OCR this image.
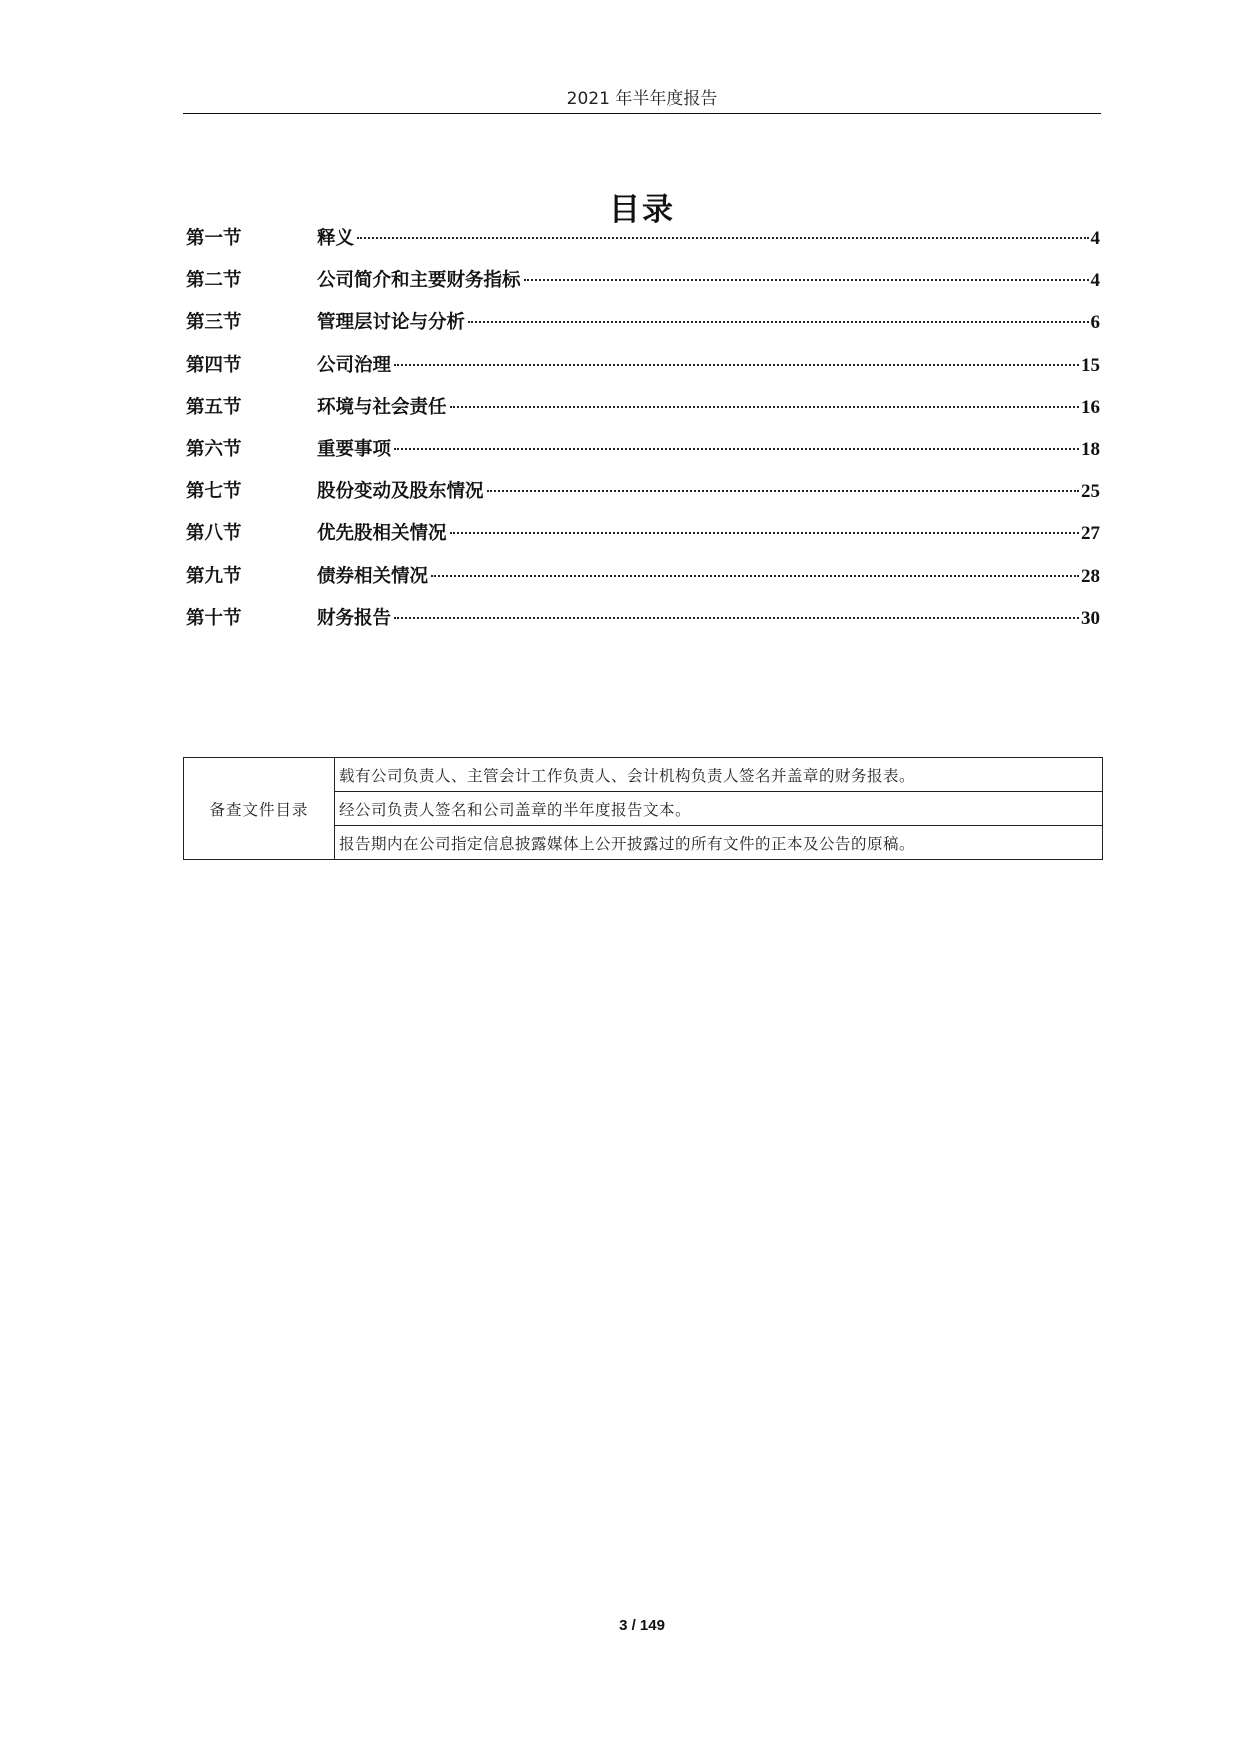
2021 年半年度报告
目录
第一节	释义	4
第二节	公司简介和主要财务指标	4
第三节	管理层讨论与分析	6
第四节	公司治理	15
第五节	环境与社会责任	16
第六节	重要事项	18
第七节	股份变动及股东情况	25
第八节	优先股相关情况	27
第九节	债券相关情况	28
第十节	财务报告	30
备查文件目录	载有公司负责人、主管会计工作负责人、会计机构负责人签名并盖章的财务报表。
经公司负责人签名和公司盖章的半年度报告文本。
报告期内在公司指定信息披露媒体上公开披露过的所有文件的正本及公告的原稿。
3 / 149
